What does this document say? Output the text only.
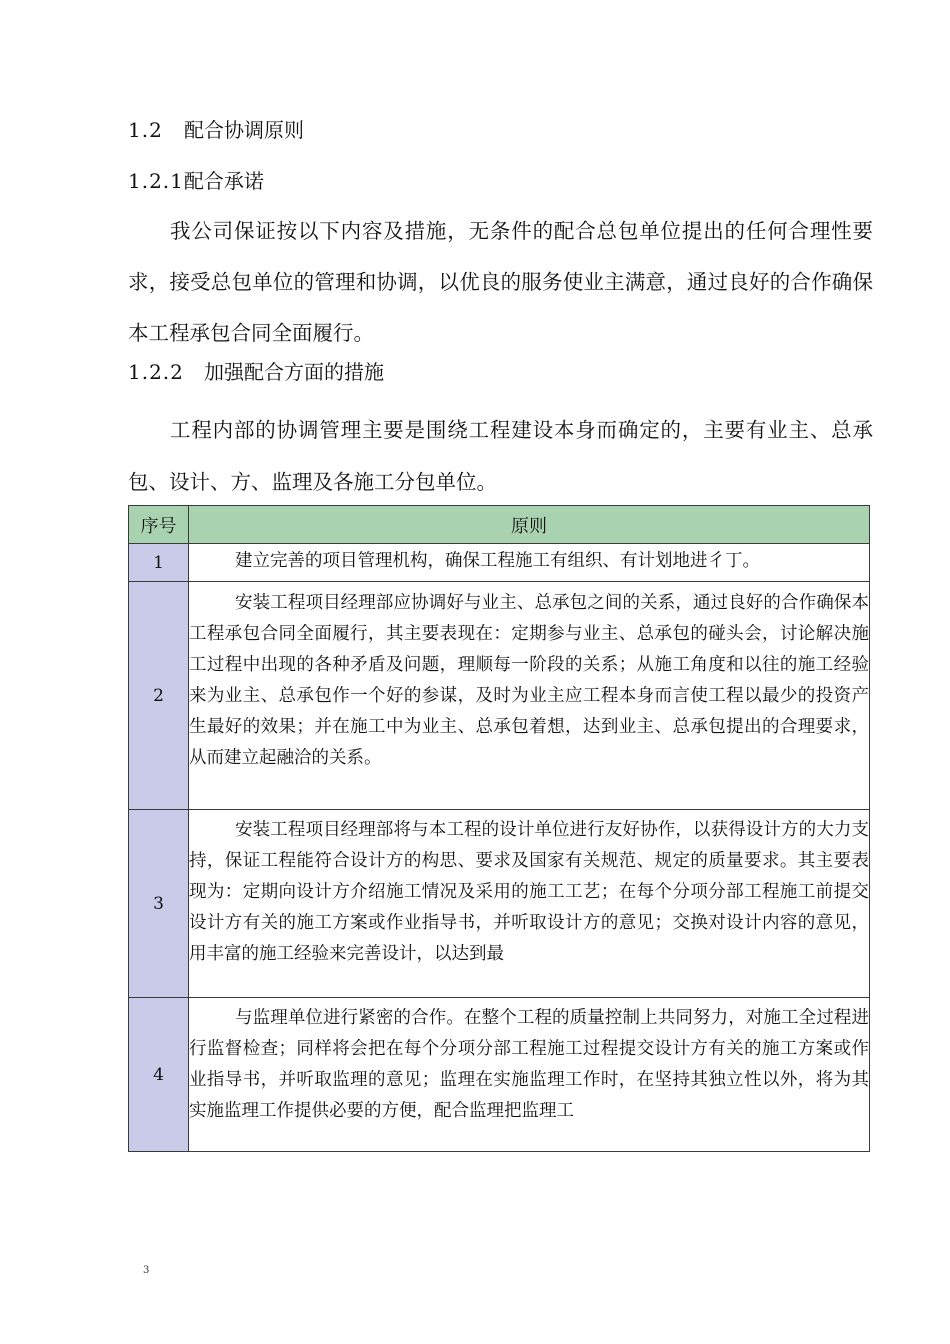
1.2 配合协调原则
1.2.1配合承诺

我公司保证按以下内容及措施，无条件的配合总包单位提出的任何合理性要求，接受总包单位的管理和协调，以优良的服务使业主满意，通过良好的合作确保本工程承包合同全面履行。

1.2.2 加强配合方面的措施

工程内部的协调管理主要是围绕工程建设本身而确定的，主要有业主、总承包、设计、方、监理及各施工分包单位。

序号	原则
1	建立完善的项目管理机构，确保工程施工有组织、有计划地进彳丁。

2	安装工程项目经理部应协调好与业主、总承包之间的关系，通过良好的合作确保本工程承包合同全面履行，其主要表现在：定期参与业主、总承包的碰头会，讨论解决施工过程中出现的各种矛盾及问题，理顺每一阶段的关系；从施工角度和以往的施工经验来为业主、总承包作一个好的参谋，及时为业主应工程本身而言使工程以最少的投资产生最好的效果；并在施工中为业主、总承包着想，达到业主、总承包提出的合理要求，从而建立起融洽的关系。

3	安装工程项目经理部将与本工程的设计单位进行友好协作，以获得设计方的大力支持，保证工程能符合设计方的构思、要求及国家有关规范、规定的质量要求。其主要表现为：定期向设计方介绍施工情况及采用的施工工艺；在每个分项分部工程施工前提交设计方有关的施工方案或作业指导书，并听取设计方的意见；交换对设计内容的意见，用丰富的施工经验来完善设计，以达到最

4	与监理单位进行紧密的合作。在整个工程的质量控制上共同努力，对施工全过程进行监督检查；同样将会把在每个分项分部工程施工过程提交设计方有关的施工方案或作业指导书，并听取监理的意见；监理在实施监理工作时，在坚持其独立性以外，将为其实施监理工作提供必要的方便，配合监理把监理工

3
